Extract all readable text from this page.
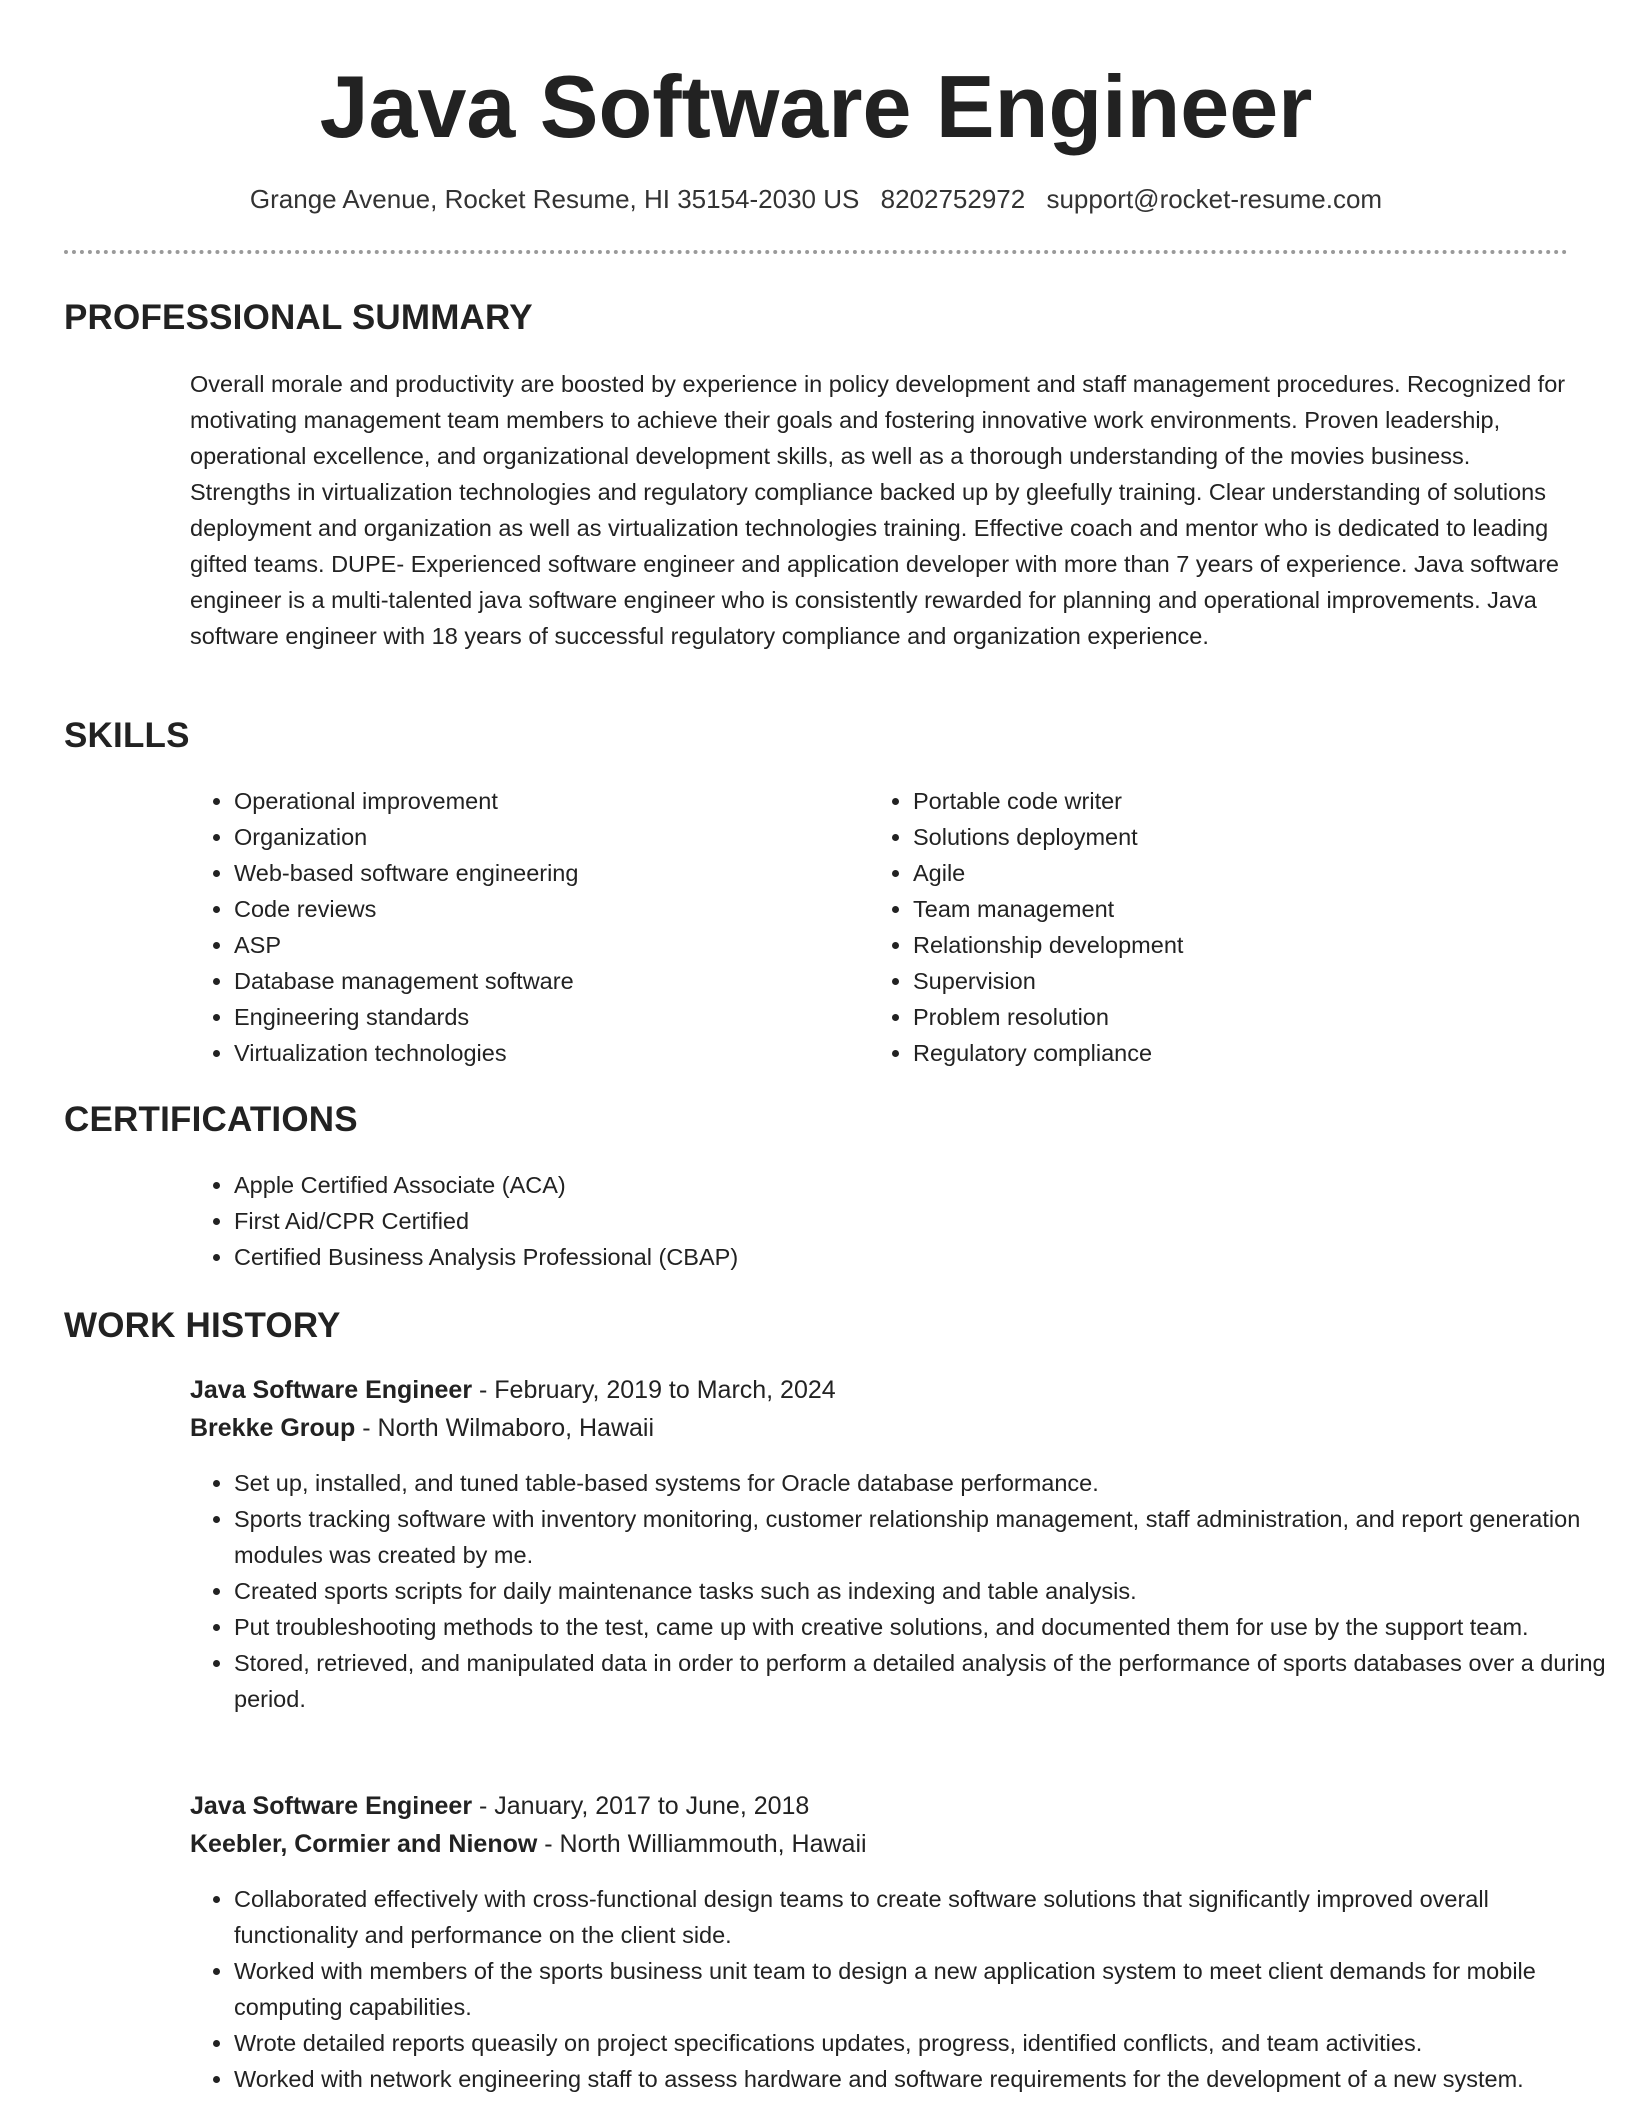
Java Software Engineer
Grange Avenue, Rocket Resume, HI 35154-2030 US 8202752972 support@rocket-resume.com
PROFESSIONAL SUMMARY

Overall morale and productivity are boosted by experience in policy development and staff management procedures. Recognized for motivating management team members to achieve their goals and fostering innovative work environments. Proven leadership, operational excellence, and organizational development skills, as well as a thorough understanding of the movies business. Strengths in virtualization technologies and regulatory compliance backed up by gleefully training. Clear understanding of solutions deployment and organization as well as virtualization technologies training. Effective coach and mentor who is dedicated to leading gifted teams. DUPE- Experienced software engineer and application developer with more than 7 years of experience. Java software engineer is a multi-talented java software engineer who is consistently rewarded for planning and operational improvements. Java software engineer with 18 years of successful regulatory compliance and organization experience.

SKILLS
• Operational improvement
• Organization
• Web-based software engineering
• Code reviews
• ASP
• Database management software
• Engineering standards
• Virtualization technologies
• Portable code writer
• Solutions deployment
• Agile
• Team management
• Relationship development
• Supervision
• Problem resolution
• Regulatory compliance
CERTIFICATIONS
• Apple Certified Associate (ACA)
• First Aid/CPR Certified
• Certified Business Analysis Professional (CBAP)
WORK HISTORY
Java Software Engineer - February, 2019 to March, 2024
Brekke Group - North Wilmaboro, Hawaii
• Set up, installed, and tuned table-based systems for Oracle database performance.
• Sports tracking software with inventory monitoring, customer relationship management, staff administration, and report generation modules was created by me.
• Created sports scripts for daily maintenance tasks such as indexing and table analysis.
• Put troubleshooting methods to the test, came up with creative solutions, and documented them for use by the support team.
• Stored, retrieved, and manipulated data in order to perform a detailed analysis of the performance of sports databases over a during period.
Java Software Engineer - January, 2017 to June, 2018
Keebler, Cormier and Nienow - North Williammouth, Hawaii
• Collaborated effectively with cross-functional design teams to create software solutions that significantly improved overall functionality and performance on the client side.
• Worked with members of the sports business unit team to design a new application system to meet client demands for mobile computing capabilities.
• Wrote detailed reports queasily on project specifications updates, progress, identified conflicts, and team activities.
• Worked with network engineering staff to assess hardware and software requirements for the development of a new system.
